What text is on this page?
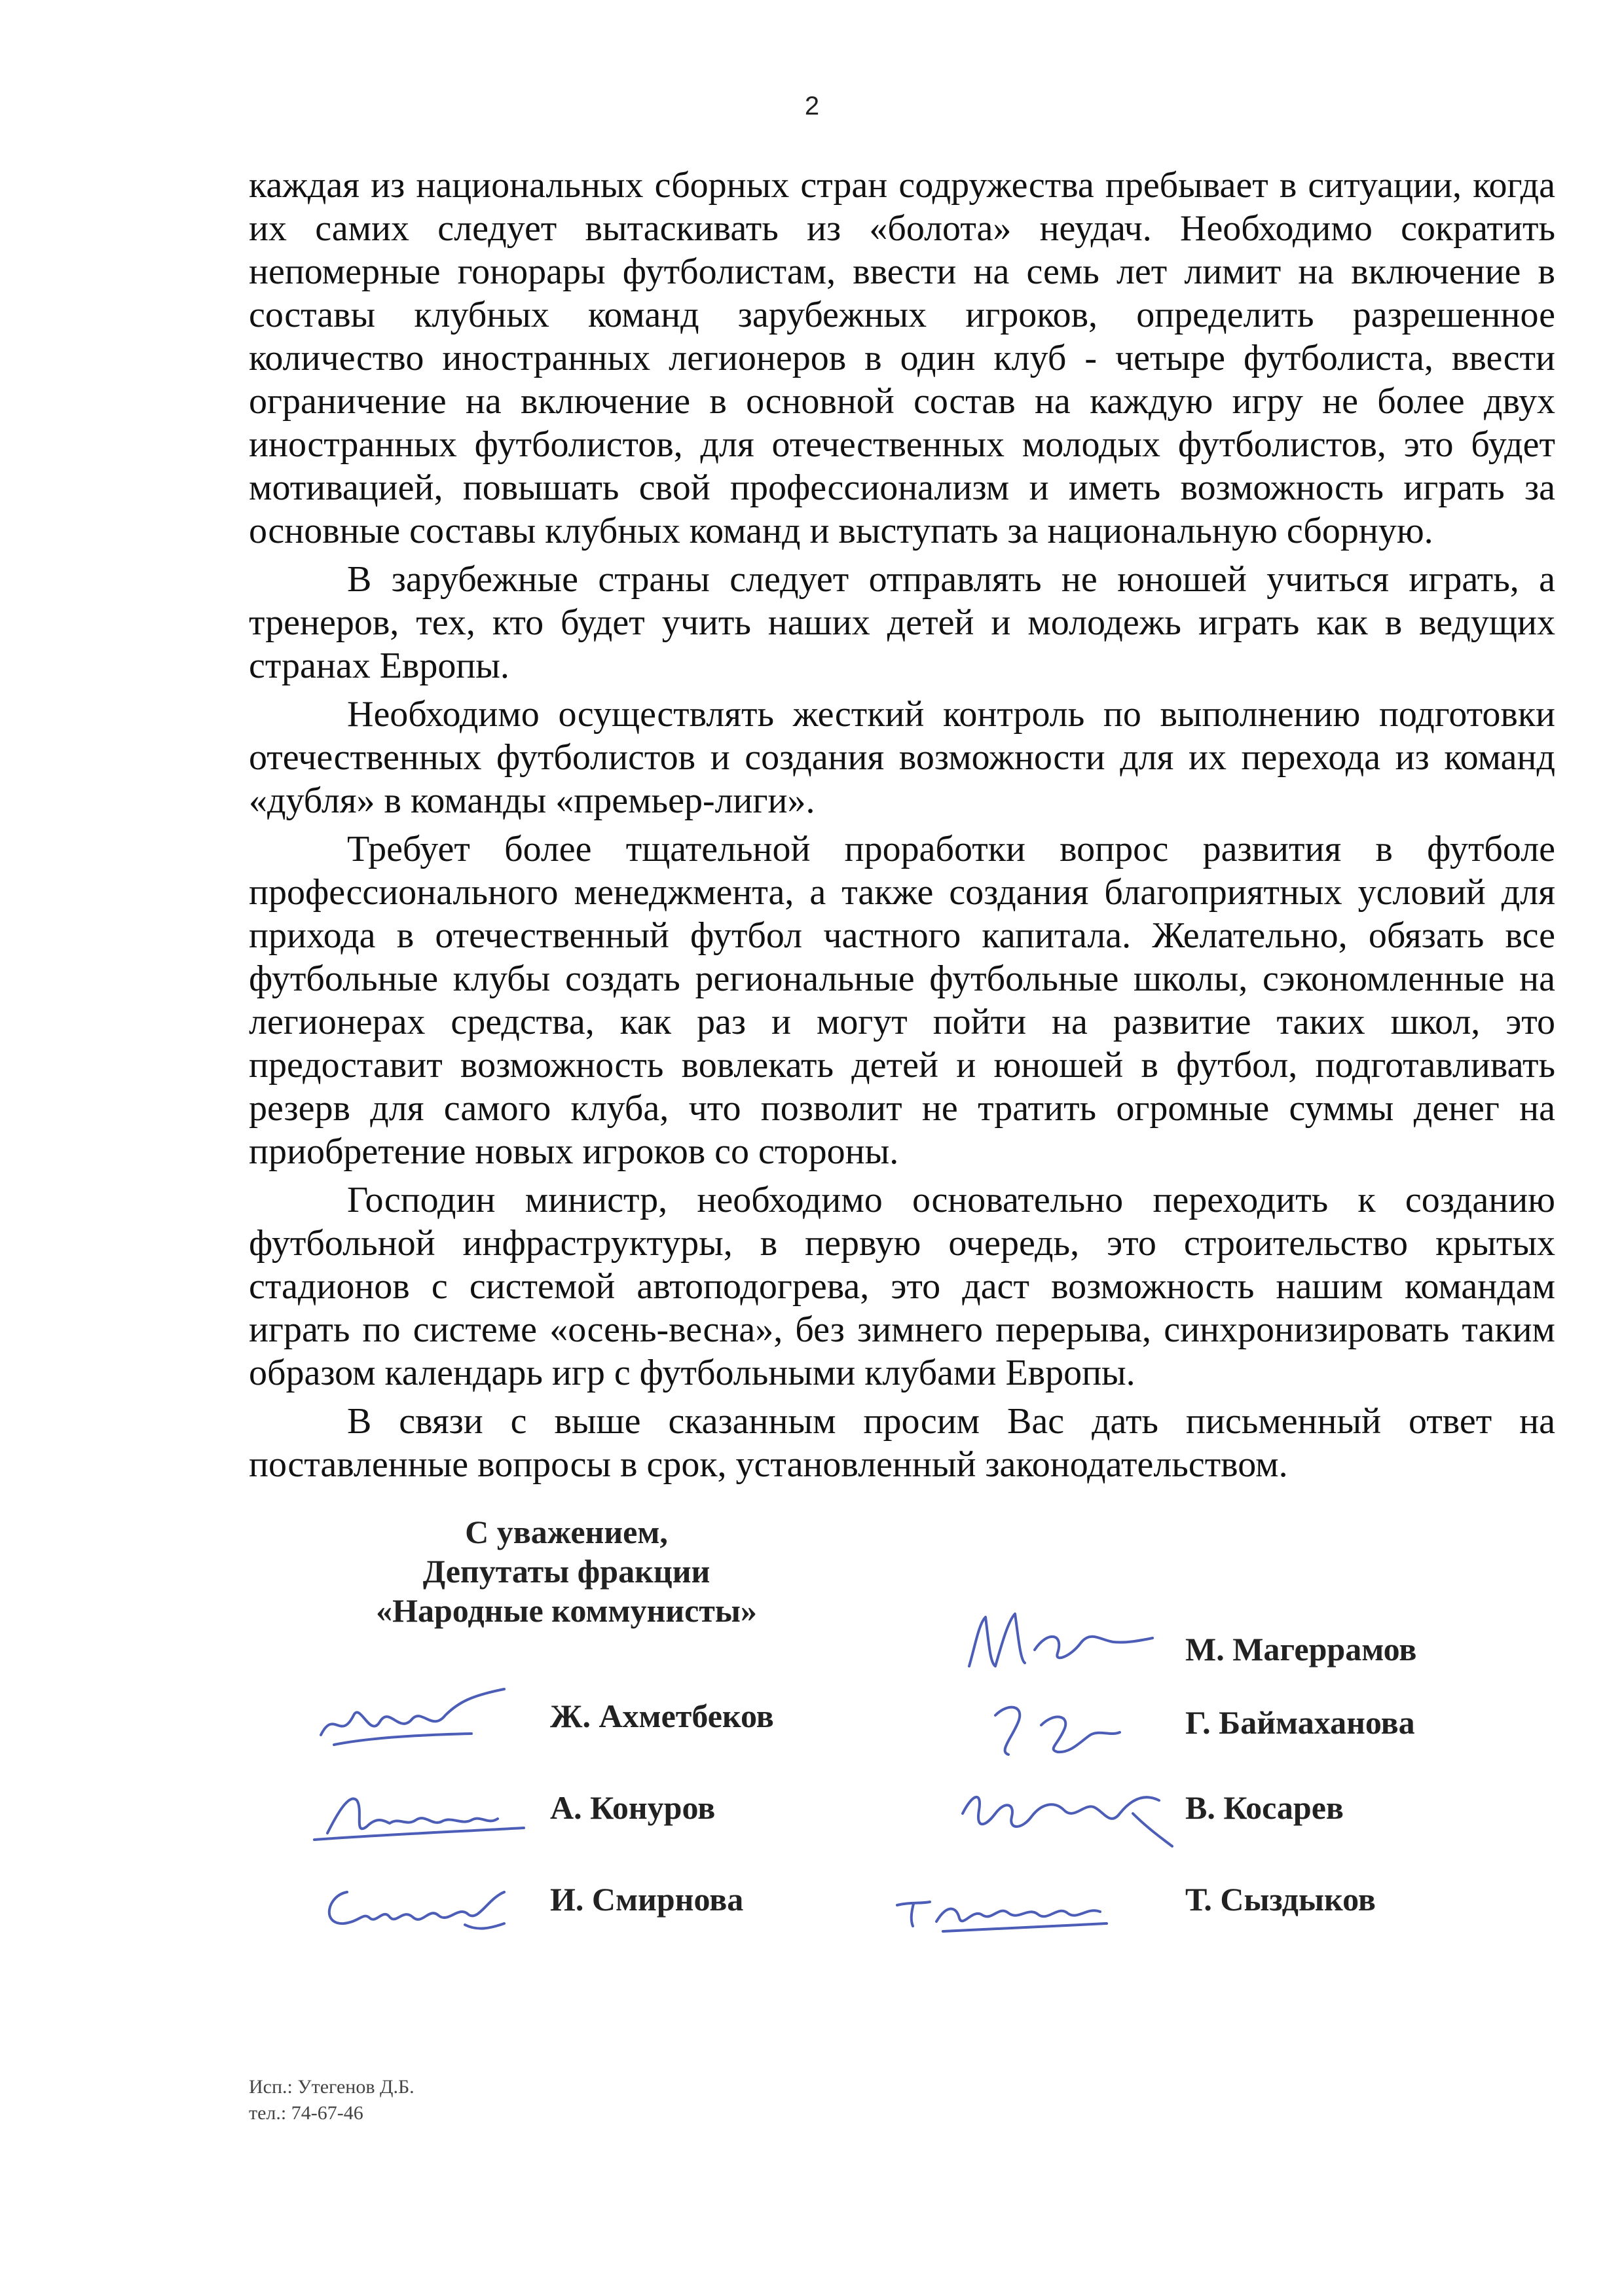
2

каждая из национальных сборных стран содружества пребывает в ситуации, когда их самих следует вытаскивать из «болота» неудач. Необходимо сократить непомерные гонорары футболистам, ввести на семь лет лимит на включение в составы клубных команд зарубежных игроков, определить разрешенное количество иностранных легионеров в один клуб - четыре футболиста, ввести ограничение на включение в основной состав на каждую игру не более двух иностранных футболистов, для отечественных молодых футболистов, это будет мотивацией, повышать свой профессионализм и иметь возможность играть за основные составы клубных команд и выступать за национальную сборную.

В зарубежные страны следует отправлять не юношей учиться играть, а тренеров, тех, кто будет учить наших детей и молодежь играть как в ведущих странах Европы.

Необходимо осуществлять жесткий контроль по выполнению подготовки отечественных футболистов и создания возможности для их перехода из команд «дубля» в команды «премьер-лиги».

Требует более тщательной проработки вопрос развития в футболе профессионального менеджмента, а также создания благоприятных условий для прихода в отечественный футбол частного капитала. Желательно, обязать все футбольные клубы создать региональные футбольные школы, сэкономленные на легионерах средства, как раз и могут пойти на развитие таких школ, это предоставит возможность вовлекать детей и юношей в футбол, подготавливать резерв для самого клуба, что позволит не тратить огромные суммы денег на приобретение новых игроков со стороны.

Господин министр, необходимо основательно переходить к созданию футбольной инфраструктуры, в первую очередь, это строительство крытых стадионов с системой автоподогрева, это даст возможность нашим командам играть по системе «осень-весна», без зимнего перерыва, синхронизировать таким образом календарь игр с футбольными клубами Европы.

В связи с выше сказанным просим Вас дать письменный ответ на поставленные вопросы в срок, установленный законодательством.

С уважением,
Депутаты фракции
«Народные коммунисты»
Ж. Ахметбеков
А. Конуров
И. Смирнова
М. Магеррамов
Г. Баймаханова
В. Косарев
Т. Сыздыков
Исп.: Утегенов Д.Б.
тел.: 74-67-46
